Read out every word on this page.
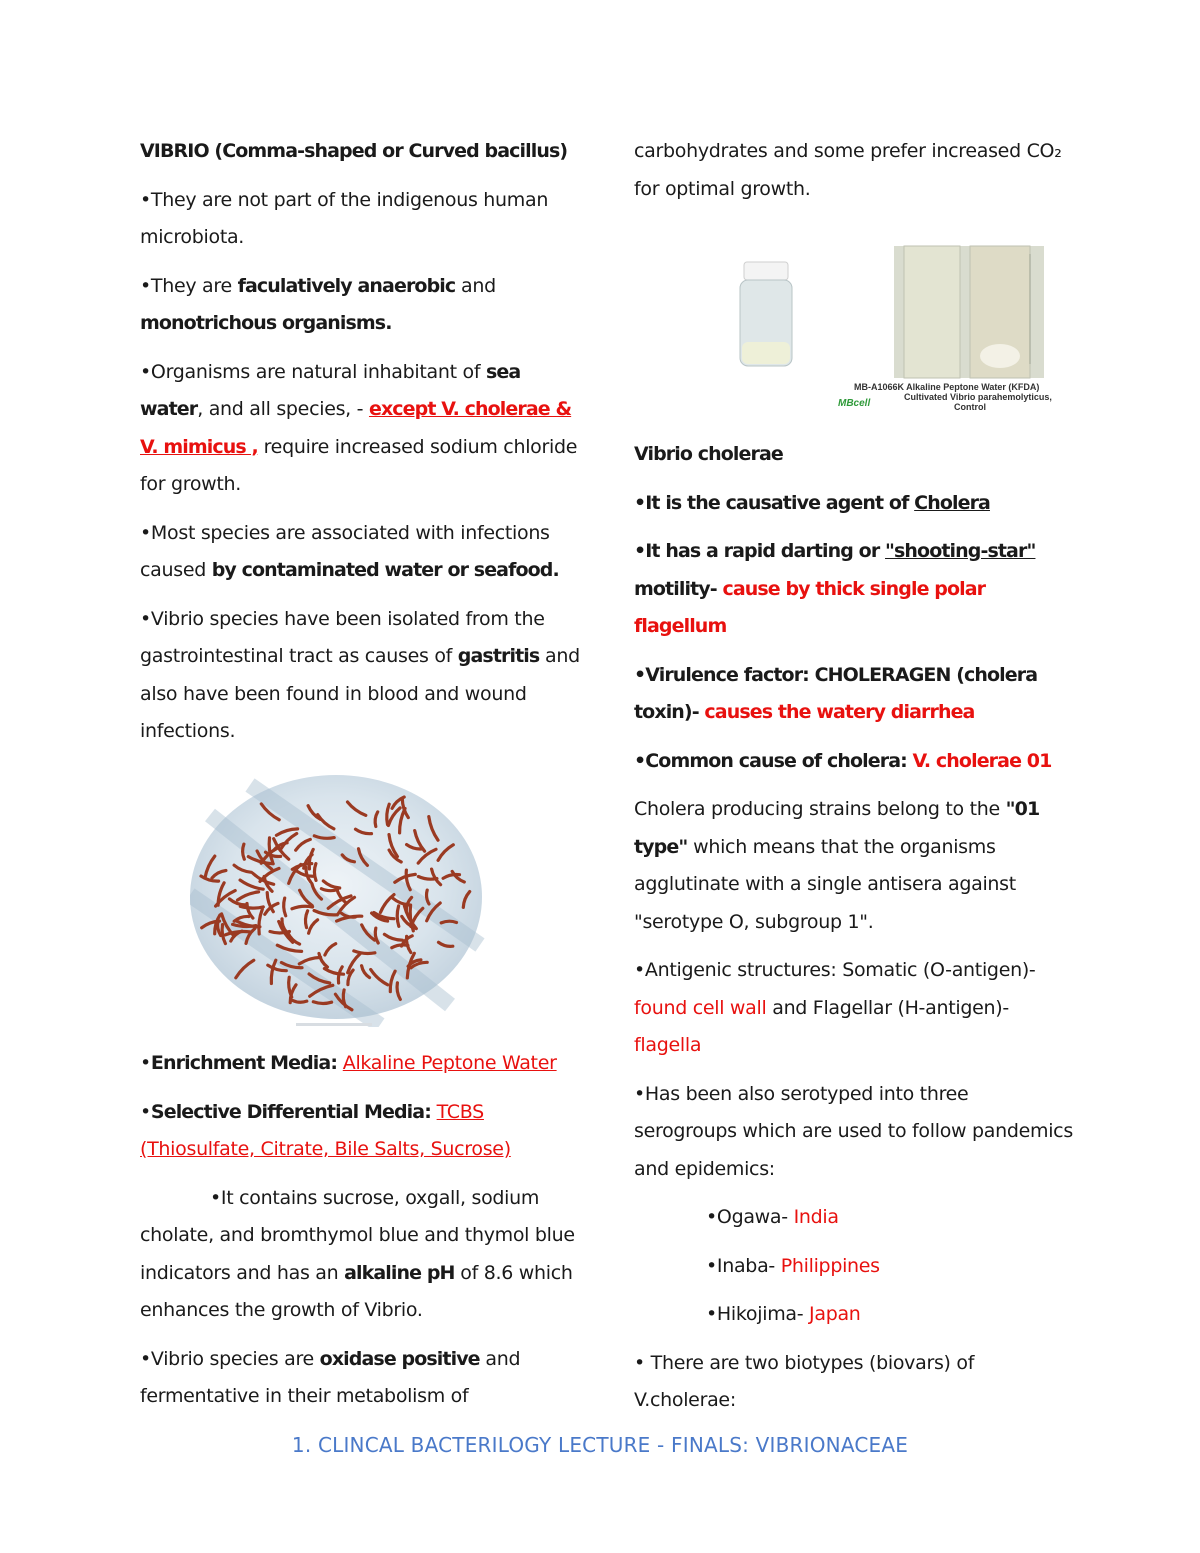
VIBRIO (Comma-shaped or Curved bacillus)

• They are not part of the indigenous human microbiota.

• They are faculatively anaerobic and monotrichous organisms.

• Organisms are natural inhabitant of sea water, and all species, - except V. cholerae & V. mimicus , require increased sodium chloride for growth.

• Most species are associated with infections caused by contaminated water or seafood.

• Vibrio species have been isolated from the gastrointestinal tract as causes of gastritis and also have been found in blood and wound infections.

• Enrichment Media: Alkaline Peptone Water

• Selective Differential Media: TCBS (Thiosulfate, Citrate, Bile Salts, Sucrose)

• It contains sucrose, oxgall, sodium cholate, and bromthymol blue and thymol blue indicators and has an alkaline pH of 8.6 which enhances the growth of Vibrio.

• Vibrio species are oxidase positive and fermentative in their metabolism of

carbohydrates and some prefer increased CO₂ for optimal growth.

MB-A1066K Alkaline Peptone Water (KFDA)
Cultivated Vibrio parahemolyticus,
Control
MBcell

Vibrio cholerae

• It is the causative agent of Cholera

• It has a rapid darting or "shooting-star" motility- cause by thick single polar flagellum

• Virulence factor: CHOLERAGEN (cholera toxin)- causes the watery diarrhea

• Common cause of cholera: V. cholerae 01

Cholera producing strains belong to the "01 type" which means that the organisms agglutinate with a single antisera against "serotype O, subgroup 1".

• Antigenic structures: Somatic (O-antigen)- found cell wall and Flagellar (H-antigen)- flagella

• Has been also serotyped into three serogroups which are used to follow pandemics and epidemics:

• Ogawa- India

• Inaba- Philippines

• Hikojima- Japan

• There are two biotypes (biovars) of V.cholerae:

1. CLINCAL BACTERILOGY LECTURE - FINALS: VIBRIONACEAE
